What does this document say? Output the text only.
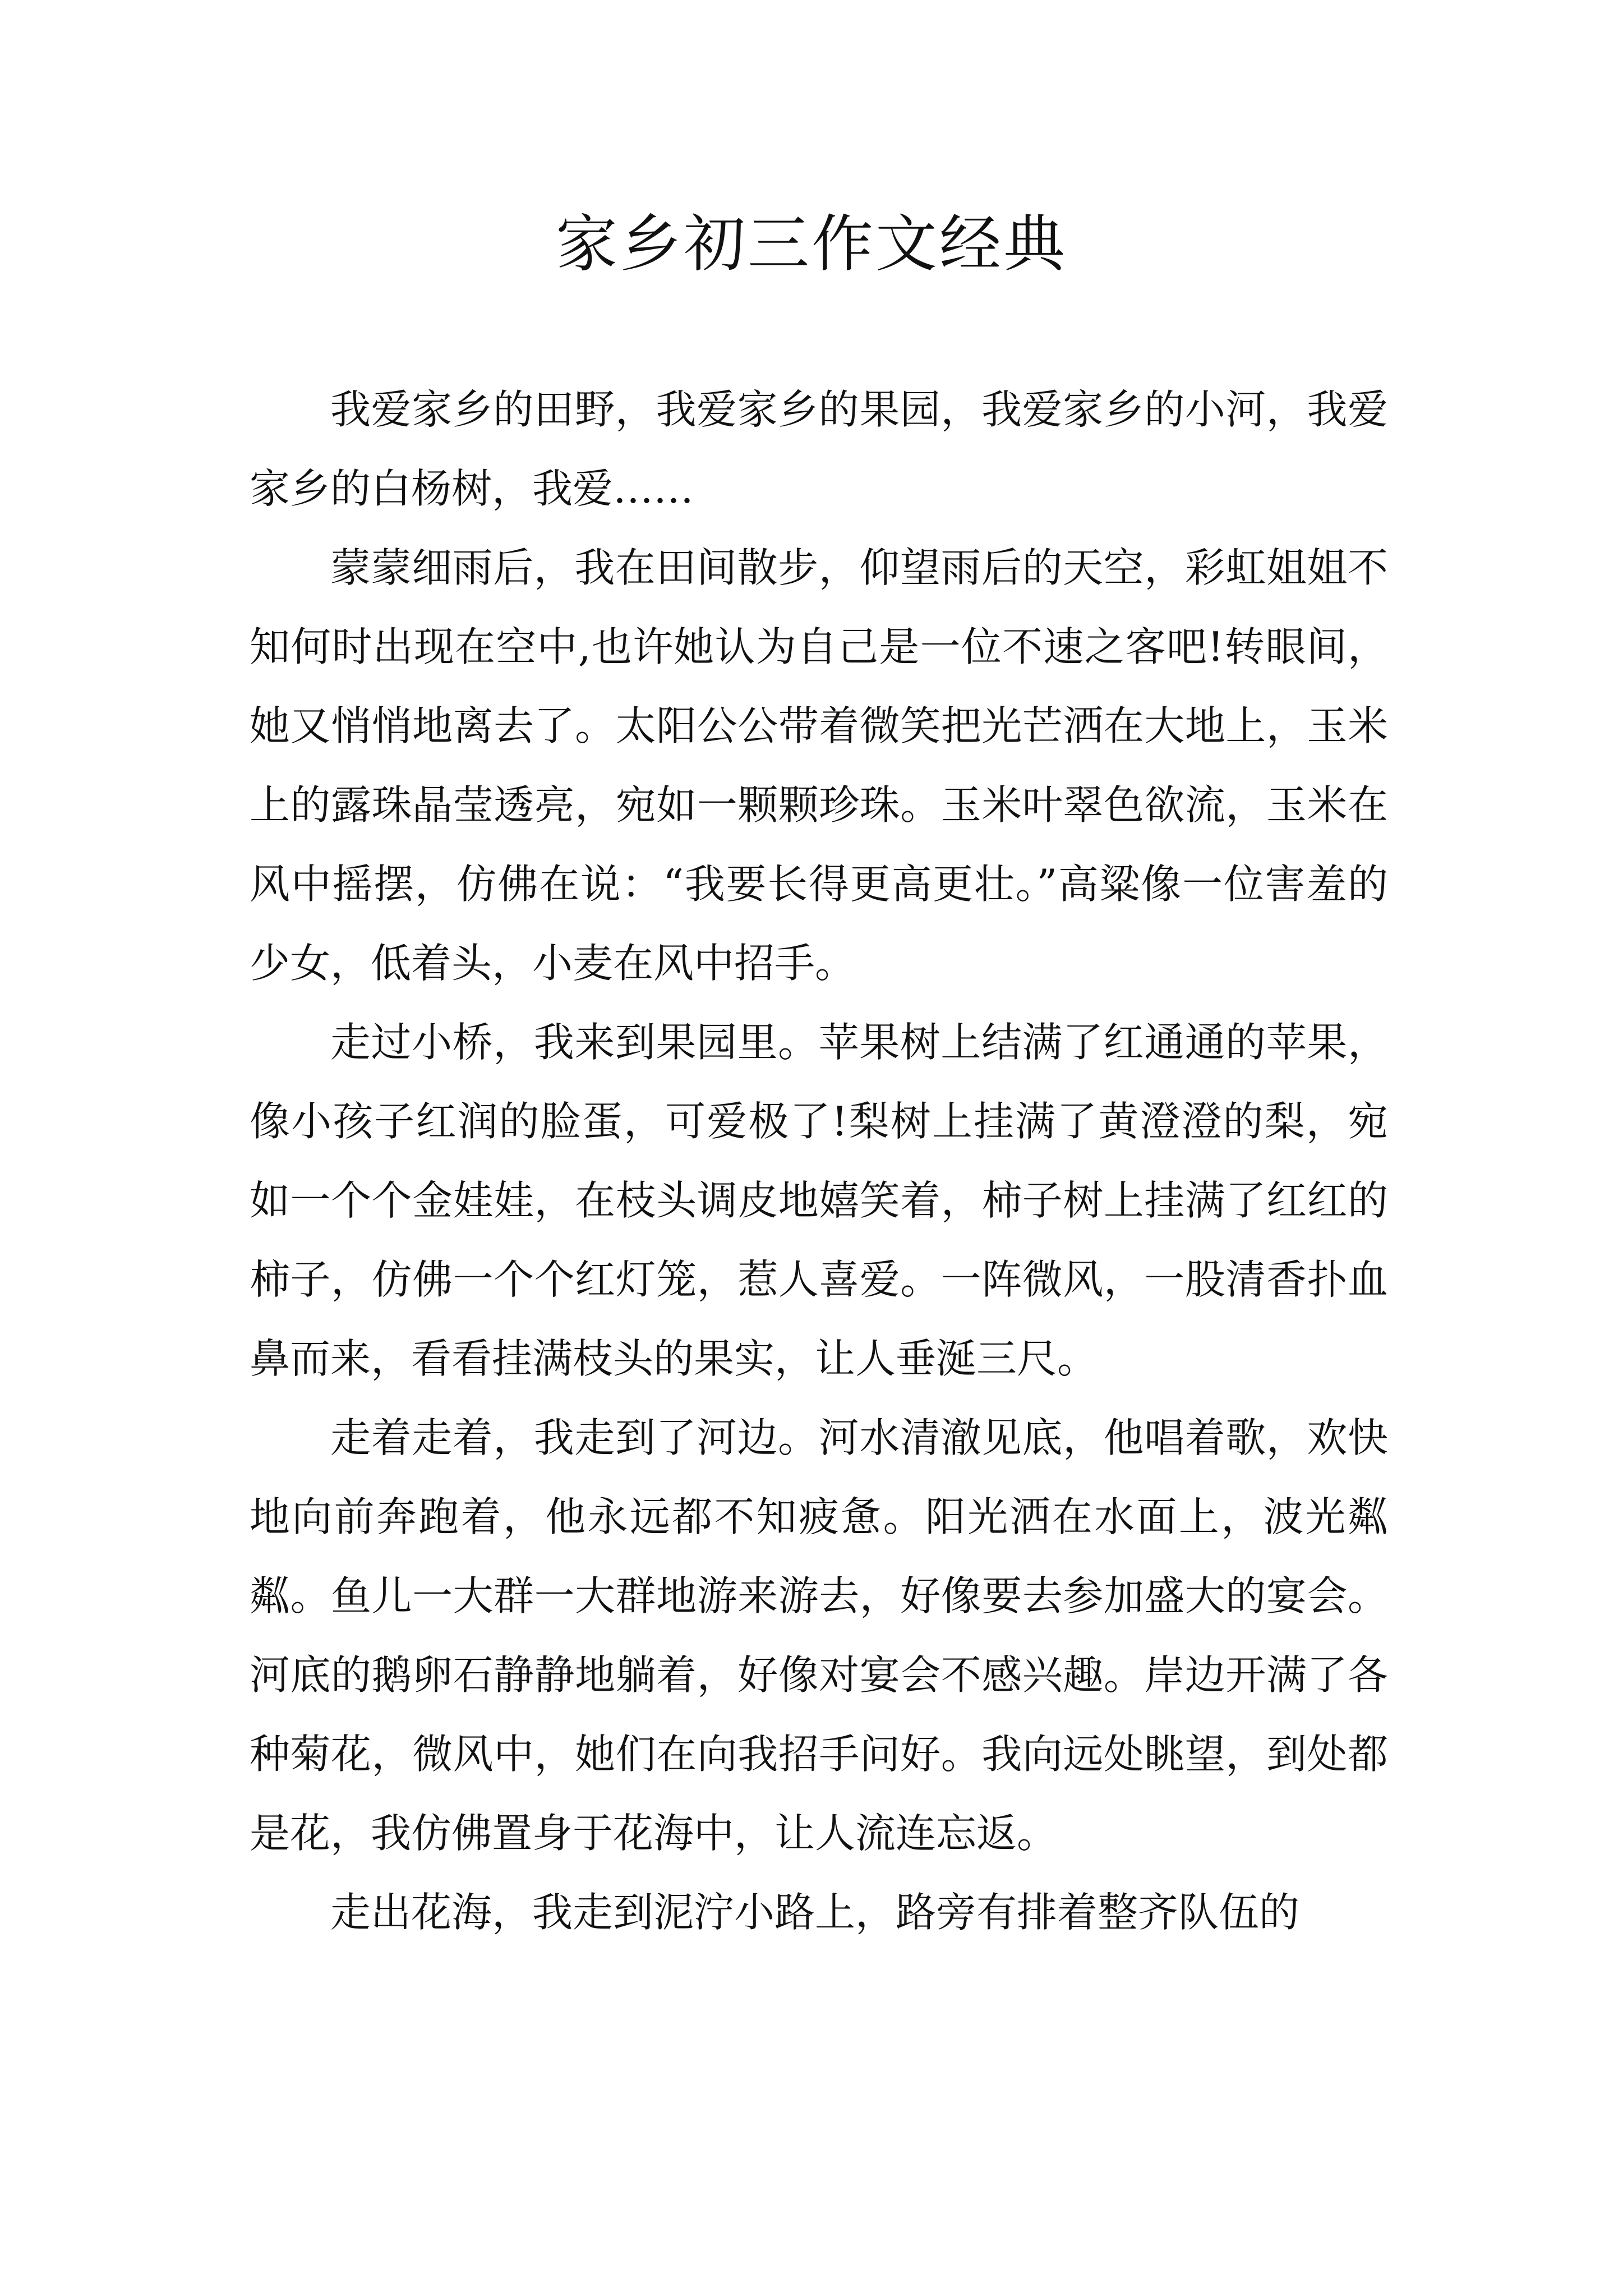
家乡初三作文经典

我爱家乡的田野，我爱家乡的果园，我爱家乡的小河，我爱家乡的白杨树，我爱……

蒙蒙细雨后，我在田间散步，仰望雨后的天空，彩虹姐姐不知何时出现在空中,也许她认为自己是一位不速之客吧!转眼间，她又悄悄地离去了。太阳公公带着微笑把光芒洒在大地上，玉米上的露珠晶莹透亮，宛如一颗颗珍珠。玉米叶翠色欲流，玉米在风中摇摆，仿佛在说：“我要长得更高更壮。”高粱像一位害羞的少女，低着头，小麦在风中招手。

走过小桥，我来到果园里。苹果树上结满了红通通的苹果，像小孩子红润的脸蛋，可爱极了!梨树上挂满了黄澄澄的梨，宛如一个个金娃娃，在枝头调皮地嬉笑着，柿子树上挂满了红红的柿子，仿佛一个个红灯笼，惹人喜爱。一阵微风，一股清香扑血鼻而来，看看挂满枝头的果实，让人垂涎三尺。

走着走着，我走到了河边。河水清澈见底，他唱着歌，欢快地向前奔跑着，他永远都不知疲惫。阳光洒在水面上，波光粼粼。鱼儿一大群一大群地游来游去，好像要去参加盛大的宴会。河底的鹅卵石静静地躺着，好像对宴会不感兴趣。岸边开满了各种菊花，微风中，她们在向我招手问好。我向远处眺望，到处都是花，我仿佛置身于花海中，让人流连忘返。

走出花海，我走到泥泞小路上，路旁有排着整齐队伍的
